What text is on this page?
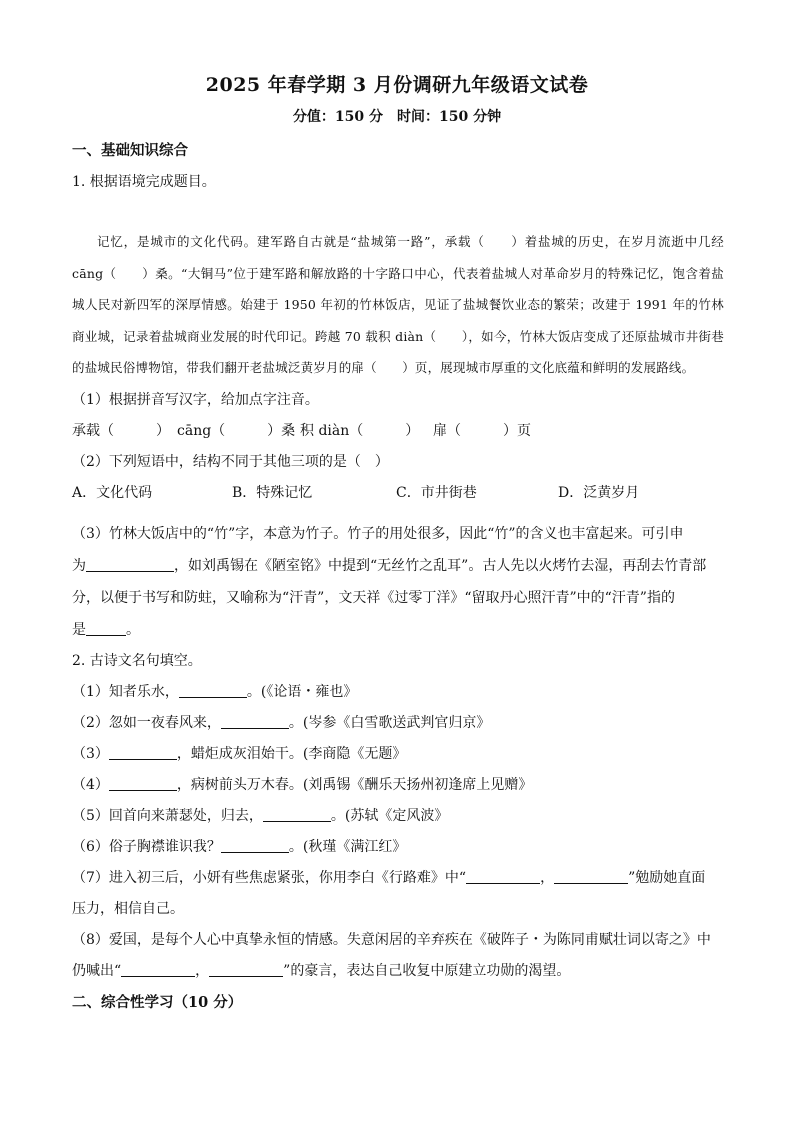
2025 年春学期 3 月份调研九年级语文试卷
分值：150 分　时间：150 分钟
一、基础知识综合
1. 根据语境完成题目。
记忆，是城市的文化代码。建军路自古就是“盐城第一路”，承载（　　）着盐城的历史，在岁月流逝中几经 cāng（　　）桑。“大铜马”位于建军路和解放路的十字路口中心，代表着盐城人对革命岁月的特殊记忆，饱含着盐城人民对新四军的深厚情感。始建于 1950 年初的竹林饭店，见证了盐城餐饮业态的繁荣；改建于 1991 年的竹林商业城，记录着盐城商业发展的时代印记。跨越 70 载积 diàn（　　），如今，竹林大饭店变成了还原盐城市井街巷的盐城民俗博物馆，带我们翻开老盐城泛黄岁月的扉（　　）页，展现城市厚重的文化底蕴和鲜明的发展路线。
（1）根据拼音写汉字，给加点字注音。
承载（　　　） cāng（　　　）桑 积 diàn（　　　） 扉（　　　）页
（2）下列短语中，结构不同于其他三项的是（　）
A．文化代码	B．特殊记忆	C．市井街巷	D．泛黄岁月
（3）竹林大饭店中的“竹”字，本意为竹子。竹子的用处很多，因此“竹”的含义也丰富起来。可引申
为	，如刘禹锡在《陋室铭》中提到“无丝竹之乱耳”。古人先以火烤竹去湿，再刮去竹青部
分，以便于书写和防蛀，又喻称为“汗青”，文天祥《过零丁洋》“留取丹心照汗青”中的“汗青”指的
是	。
2. 古诗文名句填空。
（1）知者乐水，	。(《论语・雍也》
（2）忽如一夜春风来，	。(岑参《白雪歌送武判官归京》
（3）	，蜡炬成灰泪始干。(李商隐《无题》
（4）	，病树前头万木春。(刘禹锡《酬乐天扬州初逢席上见赠》
（5）回首向来萧瑟处，归去，	。(苏轼《定风波》
（6）俗子胸襟谁识我？	。(秋瑾《满江红》
（7）进入初三后，小妍有些焦虑紧张，你用李白《行路难》中“	，	”勉励她直面
压力，相信自己。
（8）爱国，是每个人心中真挚永恒的情感。失意闲居的辛弃疾在《破阵子・为陈同甫赋壮词以寄之》中
仍喊出“	，	”的豪言，表达自己收复中原建立功勋的渴望。
二、综合性学习（10 分）
